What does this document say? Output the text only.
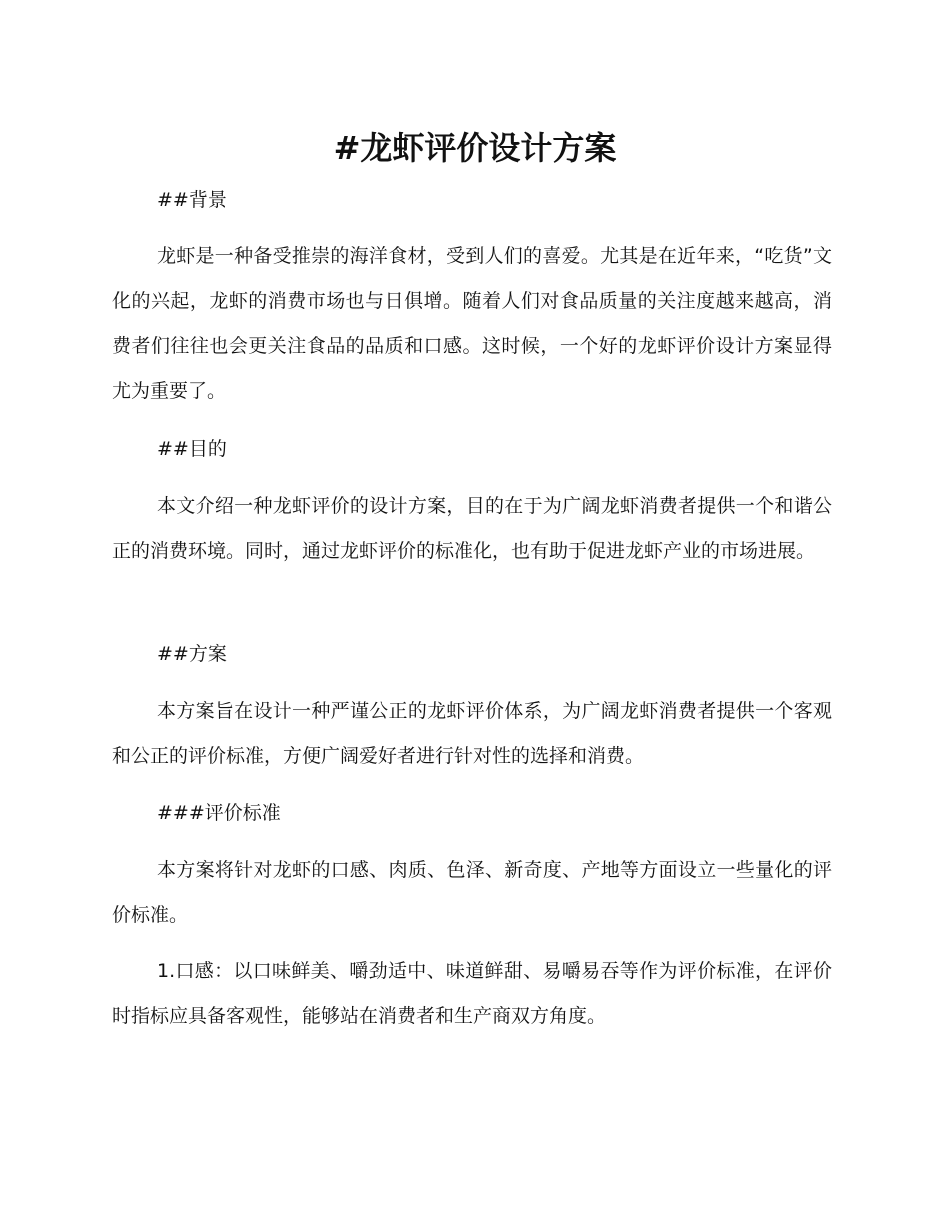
#龙虾评价设计方案
##背景

龙虾是一种备受推崇的海洋食材，受到人们的喜爱。尤其是在近年来，“吃货”文化的兴起，龙虾的消费市场也与日俱增。随着人们对食品质量的关注度越来越高，消费者们往往也会更关注食品的品质和口感。这时候，一个好的龙虾评价设计方案显得尤为重要了。

##目的

本文介绍一种龙虾评价的设计方案，目的在于为广阔龙虾消费者提供一个和谐公正的消费环境。同时，通过龙虾评价的标准化，也有助于促进龙虾产业的市场进展。

##方案

本方案旨在设计一种严谨公正的龙虾评价体系，为广阔龙虾消费者提供一个客观和公正的评价标准，方便广阔爱好者进行针对性的选择和消费。

###评价标准

本方案将针对龙虾的口感、肉质、色泽、新奇度、产地等方面设立一些量化的评价标准。

1.口感：以口味鲜美、嚼劲适中、味道鲜甜、易嚼易吞等作为评价标准，在评价时指标应具备客观性，能够站在消费者和生产商双方角度。
